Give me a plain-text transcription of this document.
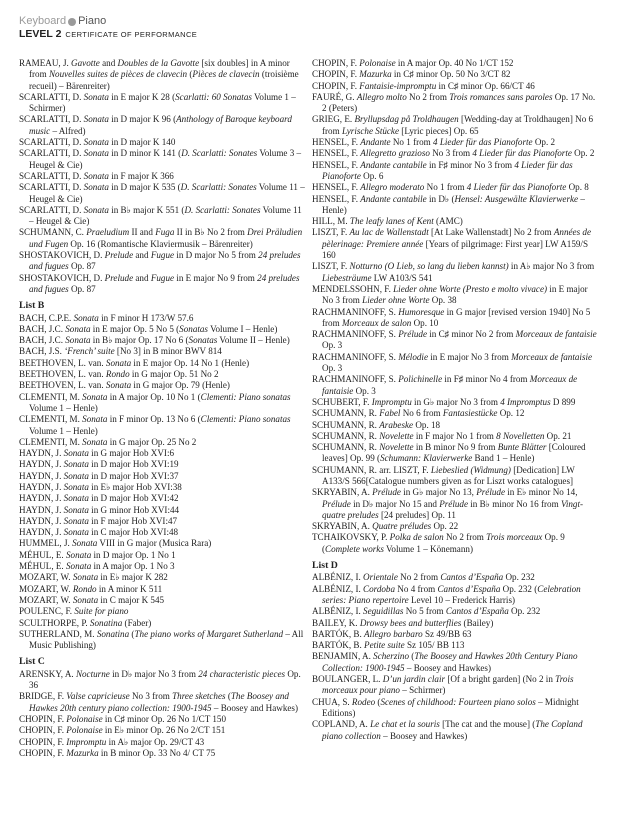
Keyboard Piano
LEVEL 2 CERTIFICATE OF PERFORMANCE
RAMEAU, J. Gavotte and Doubles de la Gavotte [six doubles] in A minor from Nouvelles suites de pièces de clavecin (Pièces de clavecin (troisième recueil) – Bärenreiter)
SCARLATTI, D. Sonata in E major K 28 (Scarlatti: 60 Sonatas Volume 1 – Schirmer)
SCARLATTI, D. Sonata in D major K 96 (Anthology of Baroque keyboard music – Alfred)
SCARLATTI, D. Sonata in D major K 140
SCARLATTI, D. Sonata in D minor K 141 (D. Scarlatti: Sonates Volume 3 – Heugel & Cie)
SCARLATTI, D. Sonata in F major K 366
SCARLATTI, D. Sonata in D major K 535 (D. Scarlatti: Sonates Volume 11 – Heugel & Cie)
SCARLATTI, D. Sonata in B♭ major K 551 (D. Scarlatti: Sonates Volume 11 – Heugel & Cie)
SCHUMANN, C. Praeludium II and Fuga II in B♭ No 2 from Drei Präludien und Fugen Op. 16 (Romantische Klaviermusik – Bärenreiter)
SHOSTAKOVICH, D. Prelude and Fugue in D major No 5 from 24 preludes and fugues Op. 87
SHOSTAKOVICH, D. Prelude and Fugue in E major No 9 from 24 preludes and fugues Op. 87
List B
BACH, C.P.E. Sonata in F minor H 173/W 57.6
BACH, J.C. Sonata in E major Op. 5 No 5 (Sonatas Volume I – Henle)
BACH, J.C. Sonata in B♭ major Op. 17 No 6 (Sonatas Volume II – Henle)
BACH, J.S. ‘French’ suite [No 3] in B minor BWV 814
BEETHOVEN, L. van. Sonata in E major Op. 14 No 1 (Henle)
BEETHOVEN, L. van. Rondo in G major Op. 51 No 2
BEETHOVEN, L. van. Sonata in G major Op. 79 (Henle)
CLEMENTI, M. Sonata in A major Op. 10 No 1 (Clementi: Piano sonatas Volume 1 – Henle)
CLEMENTI, M. Sonata in F minor Op. 13 No 6 (Clementi: Piano sonatas Volume 1 – Henle)
CLEMENTI, M. Sonata in G major Op. 25 No 2
HAYDN, J. Sonata in G major Hob XVI:6
HAYDN, J. Sonata in D major Hob XVI:19
HAYDN, J. Sonata in D major Hob XVI:37
HAYDN, J. Sonata in E♭ major Hob XVI:38
HAYDN, J. Sonata in D major Hob XVI:42
HAYDN, J. Sonata in G minor Hob XVI:44
HAYDN, J. Sonata in F major Hob XVI:47
HAYDN, J. Sonata in C major Hob XVI:48
HUMMEL, J. Sonata VIII in G major (Musica Rara)
MÉHUL, E. Sonata in D major Op. 1 No 1
MÉHUL, E. Sonata in A major Op. 1 No 3
MOZART, W. Sonata in E♭ major K 282
MOZART, W. Rondo in A minor K 511
MOZART, W. Sonata in C major K 545
POULENC, F. Suite for piano
SCULTHORPE, P. Sonatina (Faber)
SUTHERLAND, M. Sonatina (The piano works of Margaret Sutherland – All Music Publishing)
List C
ARENSKY, A. Nocturne in D♭ major No 3 from 24 characteristic pieces Op. 36
BRIDGE, F. Valse capricieuse No 3 from Three sketches (The Boosey and Hawkes 20th century piano collection: 1900-1945 – Boosey and Hawkes)
CHOPIN, F. Polonaise in C♯ minor Op. 26 No 1/CT 150
CHOPIN, F. Polonaise in E♭ minor Op. 26 No 2/CT 151
CHOPIN, F. Impromptu in A♭ major Op. 29/CT 43
CHOPIN, F. Mazurka in B minor Op. 33 No 4/ CT 75
CHOPIN, F. Polonaise in A major Op. 40 No 1/CT 152
CHOPIN, F. Mazurka in C♯ minor Op. 50 No 3/CT 82
CHOPIN, F. Fantaisie-impromptu in C♯ minor Op. 66/CT 46
FAURÉ, G. Allegro molto No 2 from Trois romances sans paroles Op. 17 No. 2 (Peters)
GRIEG, E. Bryllupsdag på Troldhaugen [Wedding-day at Troldhaugen] No 6 from Lyrische Stücke [Lyric pieces] Op. 65
HENSEL, F. Andante No 1 from 4 Lieder für das Pianoforte Op. 2
HENSEL, F. Allegretto grazioso No 3 from 4 Lieder für das Pianoforte Op. 2
HENSEL, F. Andante cantabile in F♯ minor No 3 from 4 Lieder für das Pianoforte Op. 6
HENSEL, F. Allegro moderato No 1 from 4 Lieder für das Pianoforte Op. 8
HENSEL, F. Andante cantabile in D♭ (Hensel: Ausgewälte Klavierwerke – Henle)
HILL, M. The leafy lanes of Kent (AMC)
LISZT, F. Au lac de Wallenstadt [At Lake Wallenstadt] No 2 from Années de pèlerinage: Premiere année [Years of pilgrimage: First year] LW A159/S 160
LISZT, F. Notturno (O Lieb, so lang du lieben kannst) in A♭ major No 3 from Liebesträume LW A103/S 541
MENDELSSOHN, F. Lieder ohne Worte (Presto e molto vivace) in E major No 3 from Lieder ohne Worte Op. 38
RACHMANINOFF, S. Humoresque in G major [revised version 1940] No 5 from Morceaux de salon Op. 10
RACHMANINOFF, S. Prélude in C♯ minor No 2 from Morceaux de fantaisie Op. 3
RACHMANINOFF, S. Mélodie in E major No 3 from Morceaux de fantaisie Op. 3
RACHMANINOFF, S. Polichinelle in F♯ minor No 4 from Morceaux de fantaisie Op. 3
SCHUBERT, F. Impromptu in G♭ major No 3 from 4 Impromptus D 899
SCHUMANN, R. Fabel No 6 from Fantasiestücke Op. 12
SCHUMANN, R. Arabeske Op. 18
SCHUMANN, R. Novelette in F major No 1 from 8 Novelletten Op. 21
SCHUMANN, R. Novelette in B minor No 9 from Bunte Blätter [Coloured leaves] Op. 99 (Schumann: Klavierwerke Band 1 – Henle)
SCHUMANN, R. arr. LISZT, F. Liebeslied (Widmung) [Dedication] LW A133/S 566[Catalogue numbers given as for Liszt works catalogues]
SKRYABIN, A. Prélude in G♭ major No 13, Prélude in E♭ minor No 14, Prélude in D♭ major No 15 and Prélude in B♭ minor No 16 from Vingt-quatre preludes [24 preludes] Op. 11
SKRYABIN, A. Quatre préludes Op. 22
TCHAIKOVSKY, P. Polka de salon No 2 from Trois morceaux Op. 9 (Complete works Volume 1 – Könemann)
List D
ALBÉNIZ, I. Orientale No 2 from Cantos d’España Op. 232
ALBÉNIZ, I. Cordoba No 4 from Cantos d’España Op. 232 (Celebration series: Piano repertoire Level 10 – Frederick Harris)
ALBÉNIZ, I. Seguidillas No 5 from Cantos d’España Op. 232
BAILEY, K. Drowsy bees and butterflies (Bailey)
BARTÓK, B. Allegro barbaro Sz 49/BB 63
BARTÓK, B. Petite suite Sz 105/ BB 113
BENJAMIN, A. Scherzino (The Boosey and Hawkes 20th Century Piano Collection: 1900-1945 – Boosey and Hawkes)
BOULANGER, L. D’un jardin clair [Of a bright garden] (No 2 in Trois morceaux pour piano – Schirmer)
CHUA, S. Rodeo (Scenes of childhood: Fourteen piano solos – Midnight Editions)
COPLAND, A. Le chat et la souris [The cat and the mouse] (The Copland piano collection – Boosey and Hawkes)
